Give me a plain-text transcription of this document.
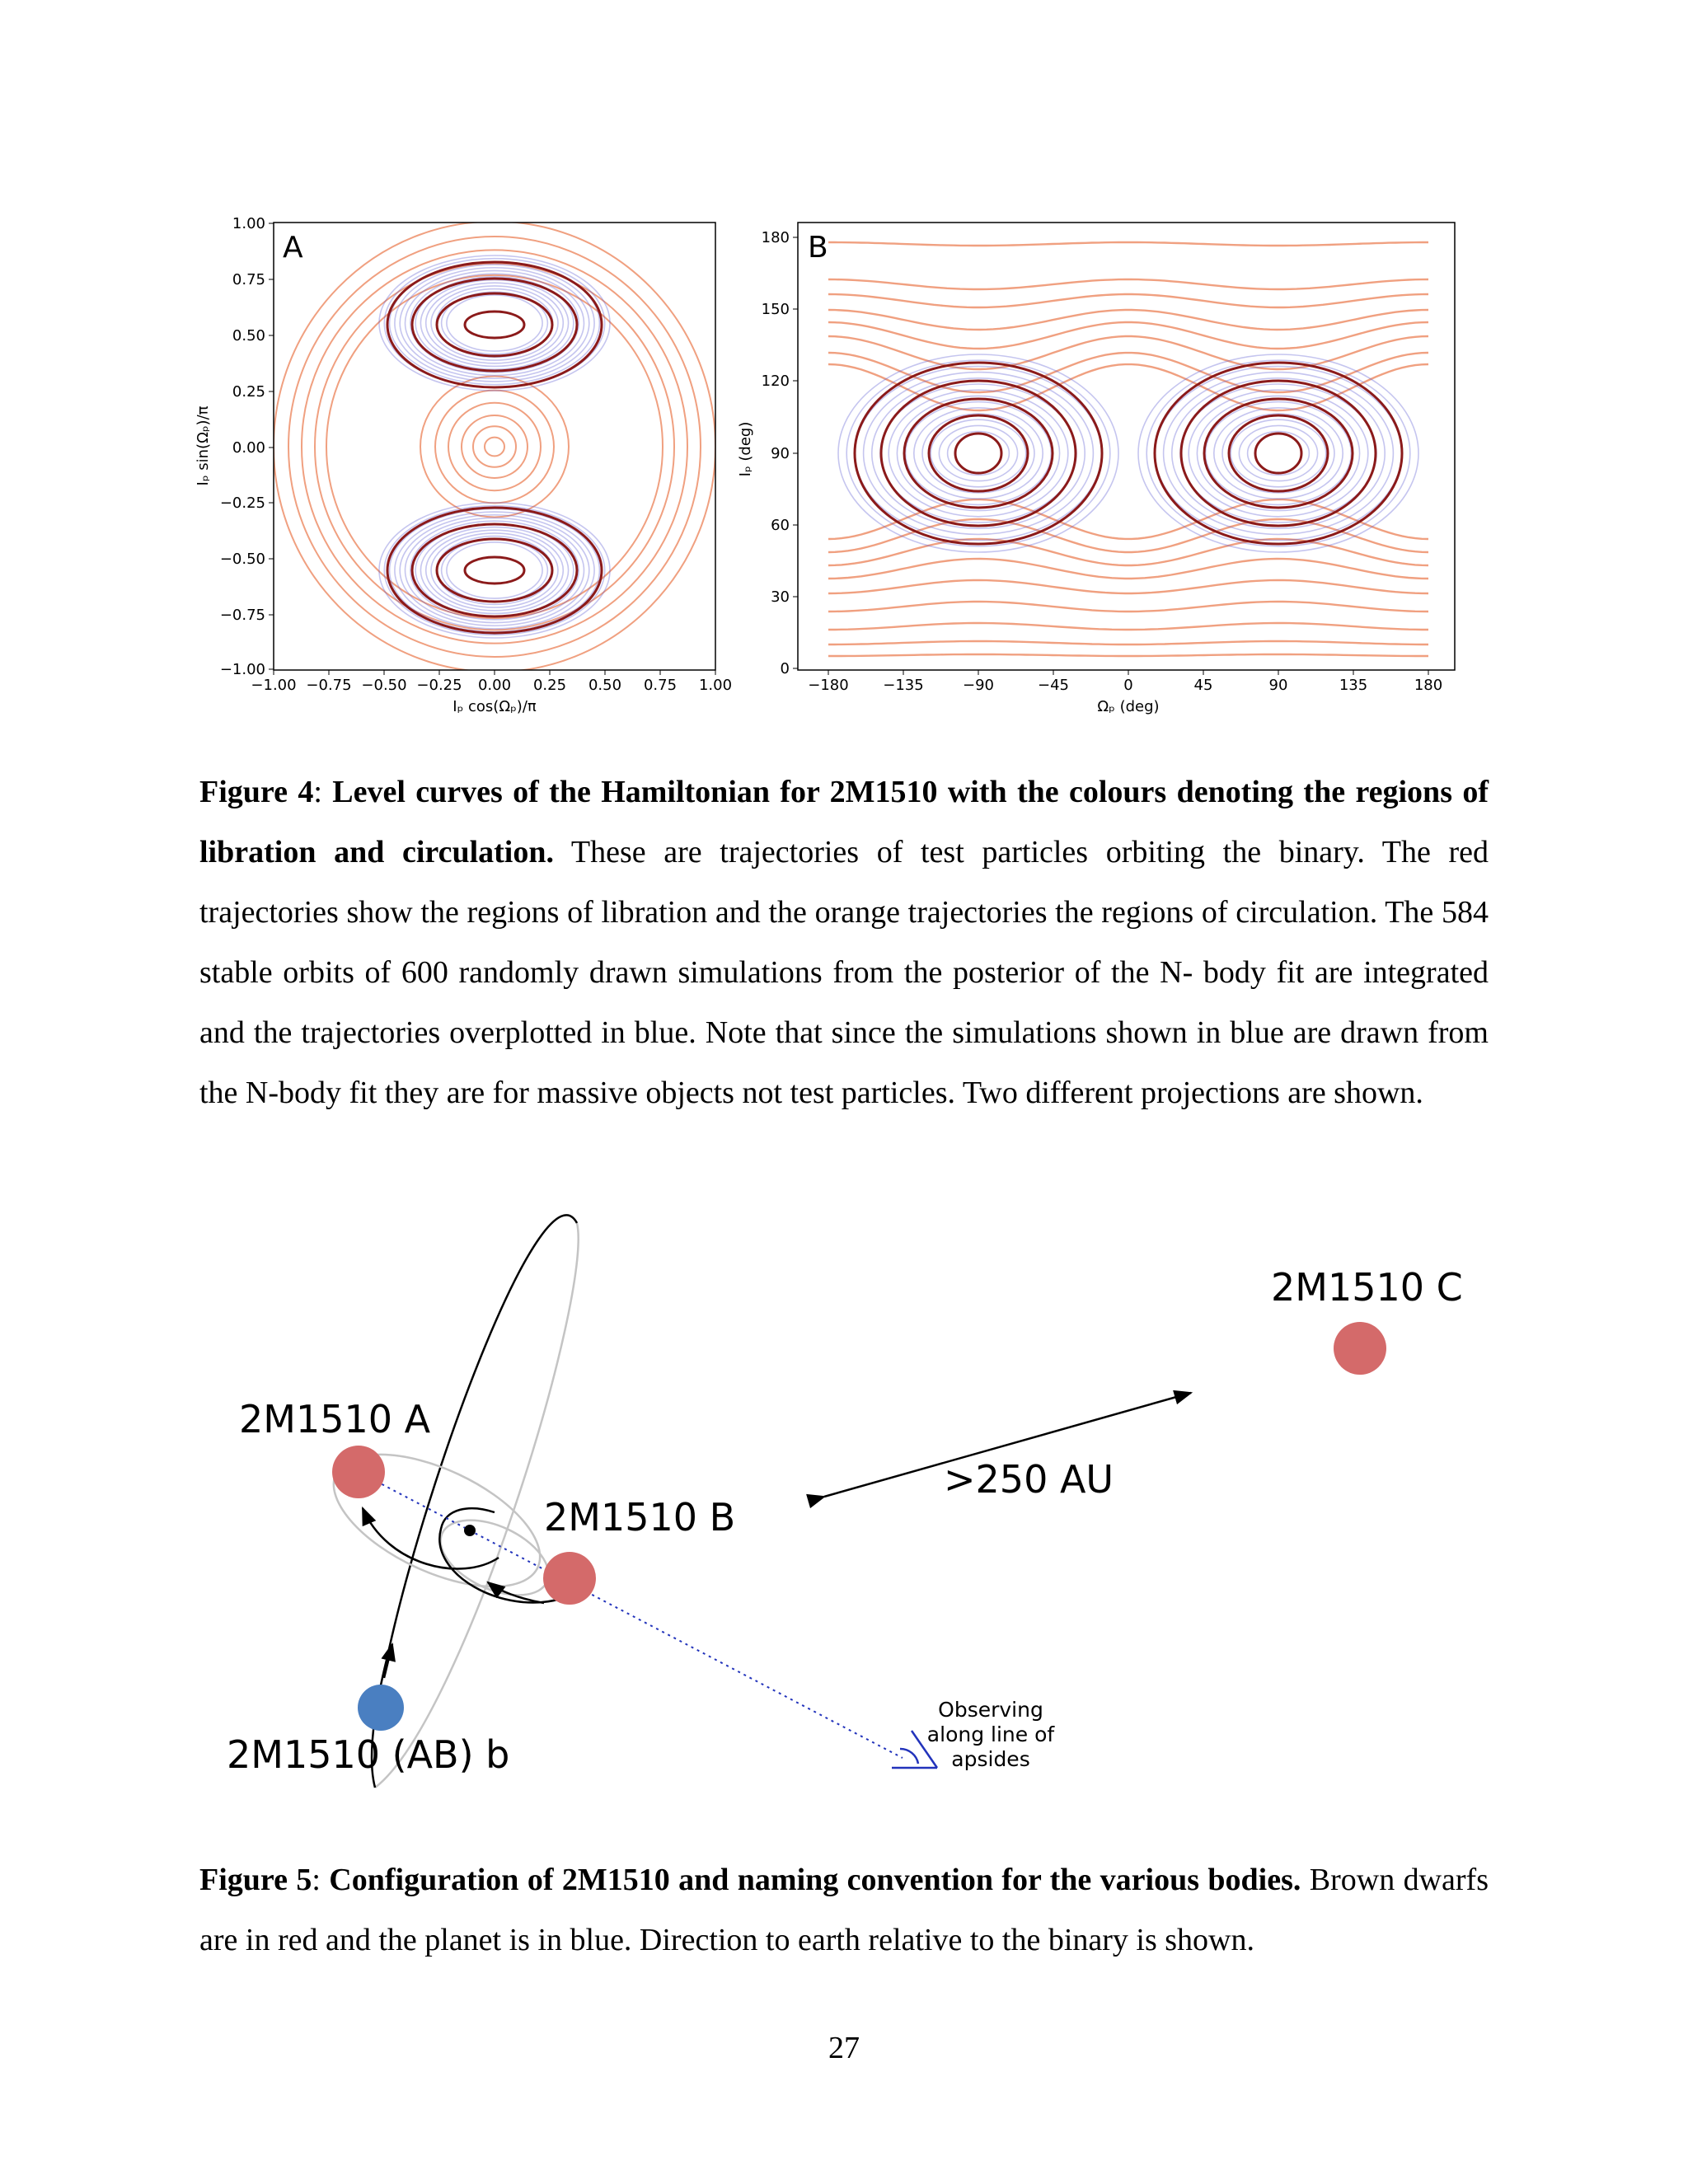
A
1.00
0.75
0.50
0.25
0.00
−0.25
−0.50
−0.75
−1.00
−1.00 −0.75 −0.50 −0.25 0.00 0.25 0.50 0.75 1.00
Iₚ cos(Ωₚ)/π
Iₚ sin(Ωₚ)/π
B
180
150
120
90
60
30
0
−180 −135	−90	−45	0	45	90	135	180
Ωₚ (deg)
Iₚ (deg)

Figure 4: Level curves of the Hamiltonian for 2M1510 with the colours denoting the regions of libration and circulation. These are trajectories of test particles orbiting the binary. The red trajectories show the regions of libration and the orange trajectories the regions of circulation. The 584 stable orbits of 600 randomly drawn simulations from the posterior of the N- body fit are integrated and the trajectories overplotted in blue. Note that since the simulations shown in blue are drawn from the N-body fit they are for massive objects not test particles. Two different projections are shown.

2M1510 A
2M1510 B
2M1510 C
2M1510 (AB) b
>250 AU
Observing
along line of
apsides

Figure 5: Configuration of 2M1510 and naming convention for the various bodies. Brown dwarfs are in red and the planet is in blue. Direction to earth relative to the binary is shown.

27
